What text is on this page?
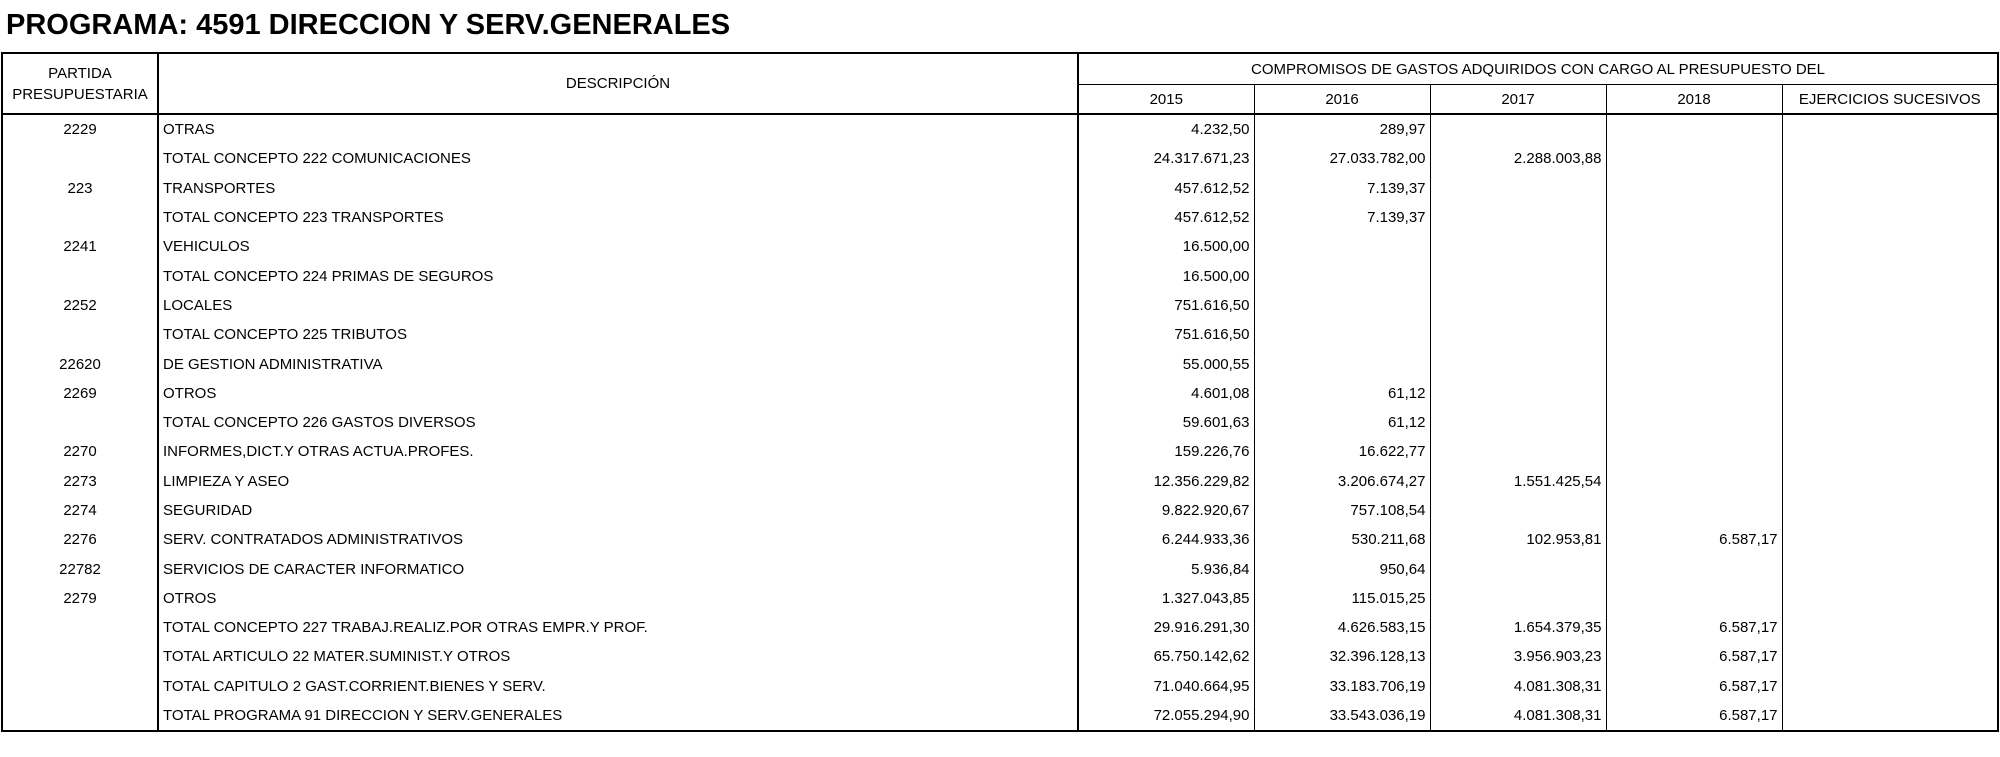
PROGRAMA: 4591 DIRECCION Y SERV.GENERALES
PARTIDA PRESUPUESTARIA	DESCRIPCIÓN	COMPROMISOS DE GASTOS ADQUIRIDOS CON CARGO AL PRESUPUESTO DEL				
		2015	2016	2017	2018	EJERCICIOS SUCESIVOS
2229	OTRAS	4.232,50	289,97			
	TOTAL CONCEPTO 222 COMUNICACIONES	24.317.671,23	27.033.782,00	2.288.003,88		
223	TRANSPORTES	457.612,52	7.139,37			
	TOTAL CONCEPTO 223 TRANSPORTES	457.612,52	7.139,37			
2241	VEHICULOS	16.500,00				
	TOTAL CONCEPTO 224 PRIMAS DE SEGUROS	16.500,00				
2252	LOCALES	751.616,50				
	TOTAL CONCEPTO 225 TRIBUTOS	751.616,50				
22620	DE GESTION ADMINISTRATIVA	55.000,55				
2269	OTROS	4.601,08	61,12			
	TOTAL CONCEPTO 226 GASTOS DIVERSOS	59.601,63	61,12			
2270	INFORMES,DICT.Y OTRAS ACTUA.PROFES.	159.226,76	16.622,77			
2273	LIMPIEZA Y ASEO	12.356.229,82	3.206.674,27	1.551.425,54		
2274	SEGURIDAD	9.822.920,67	757.108,54			
2276	SERV. CONTRATADOS ADMINISTRATIVOS	6.244.933,36	530.211,68	102.953,81	6.587,17	
22782	SERVICIOS DE CARACTER INFORMATICO	5.936,84	950,64			
2279	OTROS	1.327.043,85	115.015,25			
	TOTAL CONCEPTO 227 TRABAJ.REALIZ.POR OTRAS EMPR.Y PROF.	29.916.291,30	4.626.583,15	1.654.379,35	6.587,17	
	TOTAL ARTICULO 22 MATER.SUMINIST.Y OTROS	65.750.142,62	32.396.128,13	3.956.903,23	6.587,17	
	TOTAL CAPITULO 2 GAST.CORRIENT.BIENES Y SERV.	71.040.664,95	33.183.706,19	4.081.308,31	6.587,17	
	TOTAL PROGRAMA 91 DIRECCION Y SERV.GENERALES	72.055.294,90	33.543.036,19	4.081.308,31	6.587,17	
